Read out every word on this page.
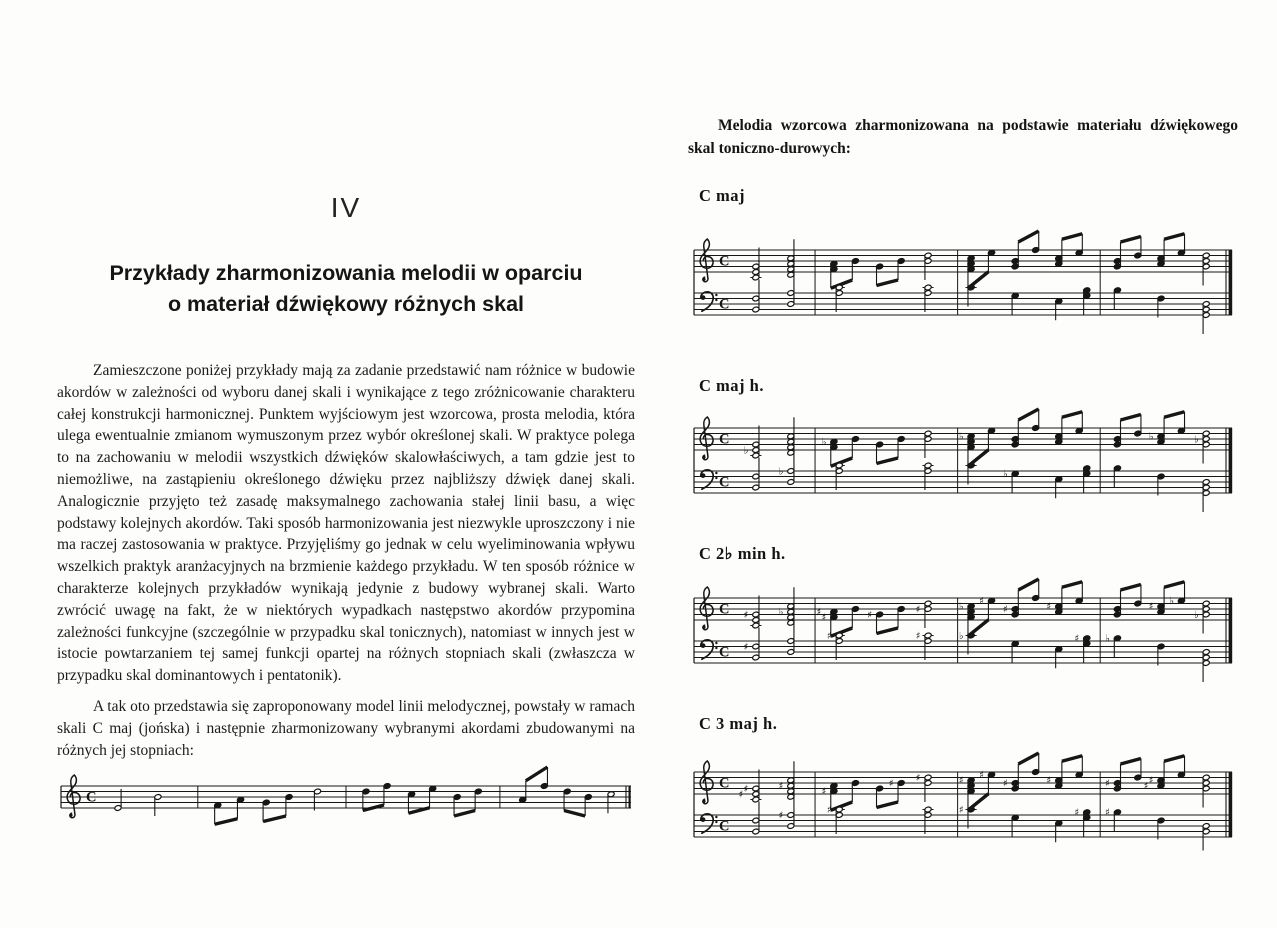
IV
Przykłady zharmonizowania melodii w oparciu
o materiał dźwiękowy różnych skal
Zamieszczone poniżej przykłady mają za zadanie przedstawić nam różnice w budowie akordów w zależności od wyboru danej skali i wynikające z tego zróżnicowanie charakteru całej konstrukcji harmonicznej. Punktem wyjściowym jest wzorcowa, prosta melodia, która ulega ewentualnie zmianom wymuszonym przez wybór określonej skali. W praktyce polega to na zachowaniu w melodii wszystkich dźwięków skalowłaściwych, a tam gdzie jest to niemożliwe, na zastąpieniu określonego dźwięku przez najbliższy dźwięk danej skali. Analogicznie przyjęto też zasadę maksymalnego zachowania stałej linii basu, a więc podstawy kolejnych akordów. Taki sposób harmonizowania jest niezwykle uproszczony i nie ma raczej zastosowania w praktyce. Przyjęliśmy go jednak w celu wyeliminowania wpływu wszelkich praktyk aranżacyjnych na brzmienie każdego przykładu. W ten sposób różnice w charakterze kolejnych przykładów wynikają jedynie z budowy wybranej skali. Warto zwrócić uwagę na fakt, że w niektórych wypadkach następstwo akordów przypomina zależności funkcyjne (szczególnie w przypadku skal tonicznych), natomiast w innych jest w istocie powtarzaniem tej samej funkcji opartej na różnych stopniach skali (zwłaszcza w przypadku skal dominantowych i pentatonik).
A tak oto przedstawia się zaproponowany model linii melodycznej, powstały w ramach skali C maj (jońska) i następnie zharmonizowany wybranymi akordami zbudowanymi na różnych jej stopniach:
C
Melodia wzorcowa zharmonizowana na podstawie materiału dźwiękowego skal toniczno-durowych:
C maj
C
C
C maj h.
C
C
♭
♭	♭	♭	♭
♭	♭
C 2♭ min h.
C
C
♯	♭	♯
♯	♯	♯	♭ ♯
♯	♯	♯ ♭
♭
♯
♯	♯	♭	♯	♭
C 3 maj h.
C
C
♯
♯
♯	♯
♯ ♯	♯ ♯
♯	♯	♯	♯
♯
♯	♯	♯	♯	♯
